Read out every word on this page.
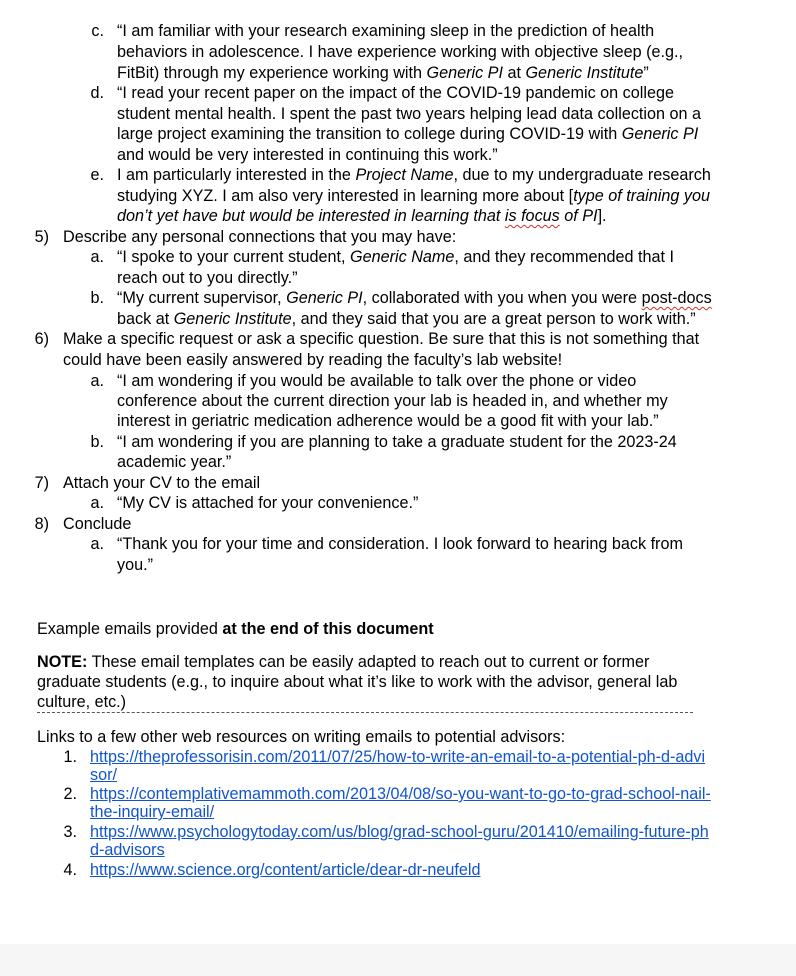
c. “I am familiar with your research examining sleep in the prediction of health
behaviors in adolescence. I have experience working with objective sleep (e.g.,
FitBit) through my experience working with Generic PI at Generic Institute”
d. “I read your recent paper on the impact of the COVID-19 pandemic on college
student mental health. I spent the past two years helping lead data collection on a
large project examining the transition to college during COVID-19 with Generic PI
and would be very interested in continuing this work.”
e. I am particularly interested in the Project Name, due to my undergraduate research
studying XYZ. I am also very interested in learning more about [type of training you
don’t yet have but would be interested in learning that is focus of PI].
5) Describe any personal connections that you may have:
a. “I spoke to your current student, Generic Name, and they recommended that I
reach out to you directly.”
b. “My current supervisor, Generic PI, collaborated with you when you were post-docs
back at Generic Institute, and they said that you are a great person to work with.”
6) Make a specific request or ask a specific question. Be sure that this is not something that
could have been easily answered by reading the faculty’s lab website!
a. “I am wondering if you would be available to talk over the phone or video
conference about the current direction your lab is headed in, and whether my
interest in geriatric medication adherence would be a good fit with your lab.”
b. “I am wondering if you are planning to take a graduate student for the 2023-24
academic year.”
7) Attach your CV to the email
a. “My CV is attached for your convenience.”
8) Conclude
a. “Thank you for your time and consideration. I look forward to hearing back from
you.”
Example emails provided at the end of this document
NOTE: These email templates can be easily adapted to reach out to current or former
graduate students (e.g., to inquire about what it’s like to work with the advisor, general lab
culture, etc.)
Links to a few other web resources on writing emails to potential advisors:
1. https://theprofessorisin.com/2011/07/25/how-to-write-an-email-to-a-potential-ph-d-advi
sor/
2. https://contemplativemammoth.com/2013/04/08/so-you-want-to-go-to-grad-school-nail-
the-inquiry-email/
3. https://www.psychologytoday.com/us/blog/grad-school-guru/201410/emailing-future-ph
d-advisors
4. https://www.science.org/content/article/dear-dr-neufeld
